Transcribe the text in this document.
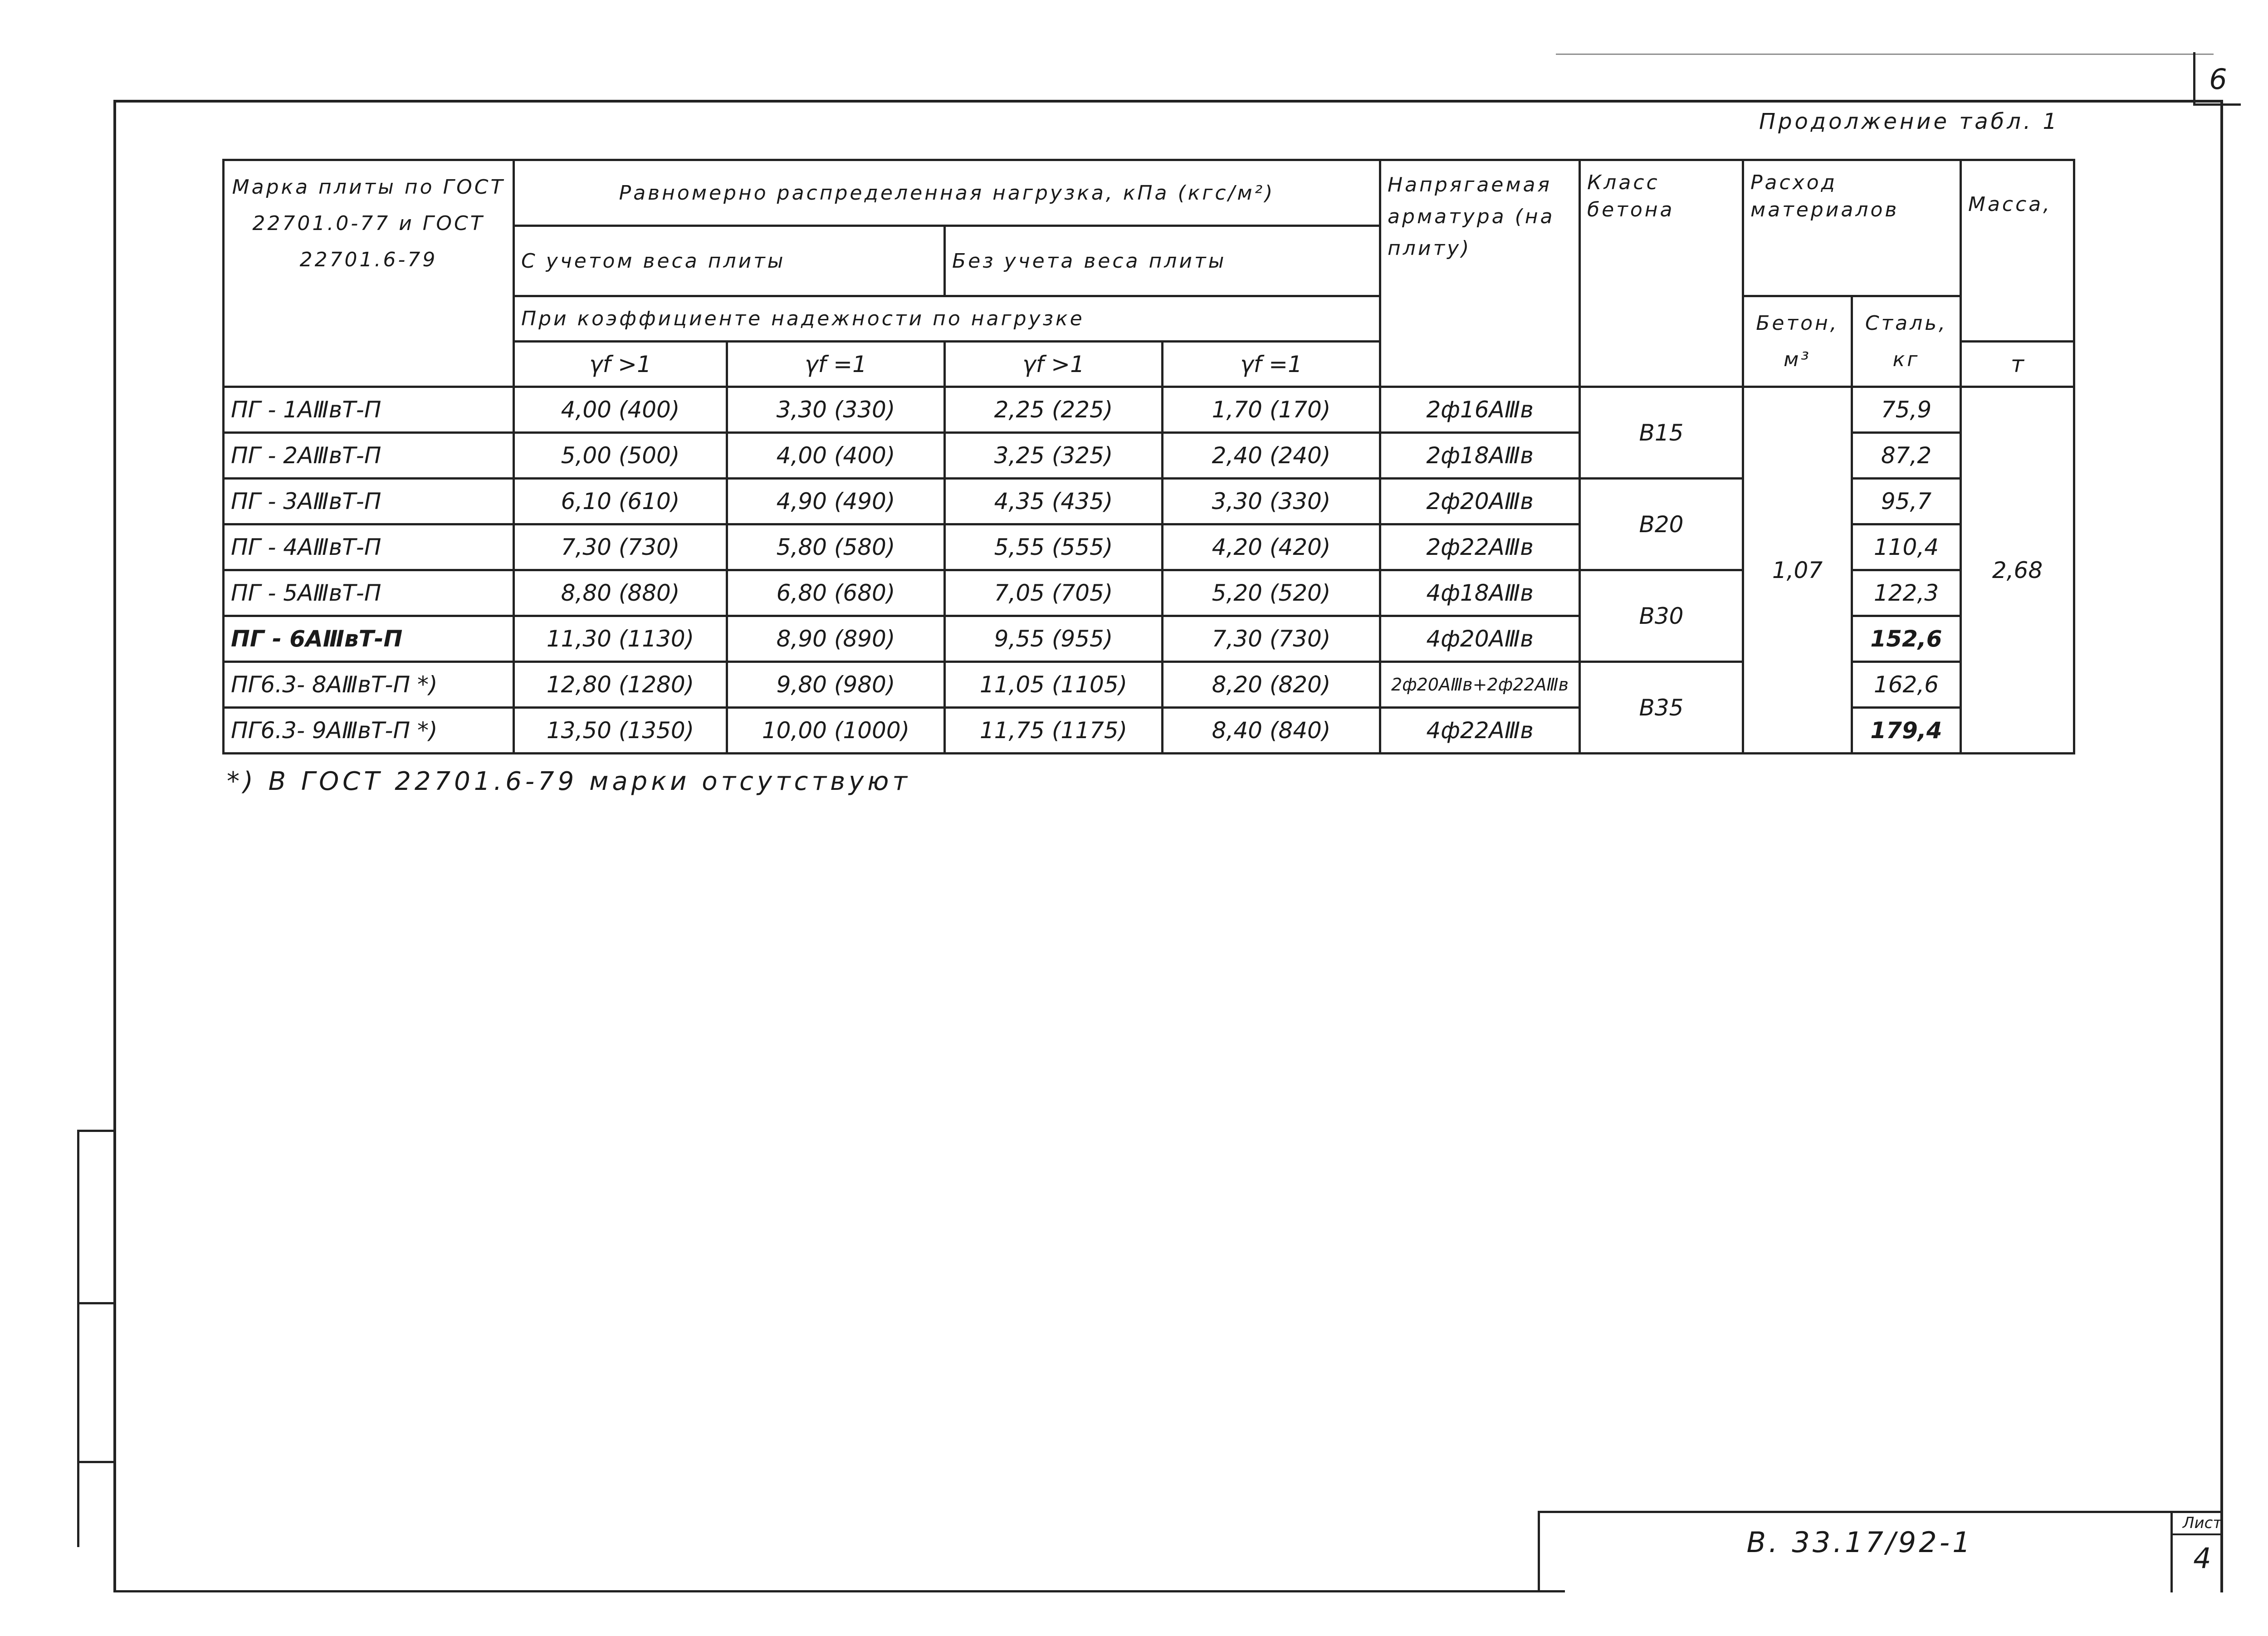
6
Продолжение табл. 1
Марка плиты по ГОСТ 22701.0-77 и ГОСТ 22701.6-79	Равномерно распределенная нагрузка, кПа (кгс/м²)				Напрягаемая арматура (на плиту)	Класс бетона	Расход материалов		Масса,
	С учетом веса плиты		Без учета веса плиты						
	При коэффициенте надежности по нагрузке						Бетон, м³	Сталь, кг	
	γf >1	γf =1	γf >1	γf =1					т
ПГ - 1АⅢвТ-П	4,00 (400)	3,30 (330)	2,25 (225)	1,70 (170)	2ф16АⅢв	В15	1,07	75,9	2,68
ПГ - 2АⅢвТ-П	5,00 (500)	4,00 (400)	3,25 (325)	2,40 (240)	2ф18АⅢв			87,2	
ПГ - 3АⅢвТ-П	6,10 (610)	4,90 (490)	4,35 (435)	3,30 (330)	2ф20АⅢв	В20		95,7	
ПГ - 4АⅢвТ-П	7,30 (730)	5,80 (580)	5,55 (555)	4,20 (420)	2ф22АⅢв			110,4	
ПГ - 5АⅢвТ-П	8,80 (880)	6,80 (680)	7,05 (705)	5,20 (520)	4ф18АⅢв	В30		122,3	
ПГ - 6АⅢвТ-П	11,30 (1130)	8,90 (890)	9,55 (955)	7,30 (730)	4ф20АⅢв			152,6	
ПГ6.3- 8АⅢвТ-П *)	12,80 (1280)	9,80 (980)	11,05 (1105)	8,20 (820)	2ф20АⅢв+2ф22АⅢв	В35		162,6	
ПГ6.3- 9АⅢвТ-П *)	13,50 (1350)	10,00 (1000)	11,75 (1175)	8,40 (840)	4ф22АⅢв			179,4	
*) В ГОСТ 22701.6-79 марки отсутствуют
В. 33.17/92-1
Лист
4
